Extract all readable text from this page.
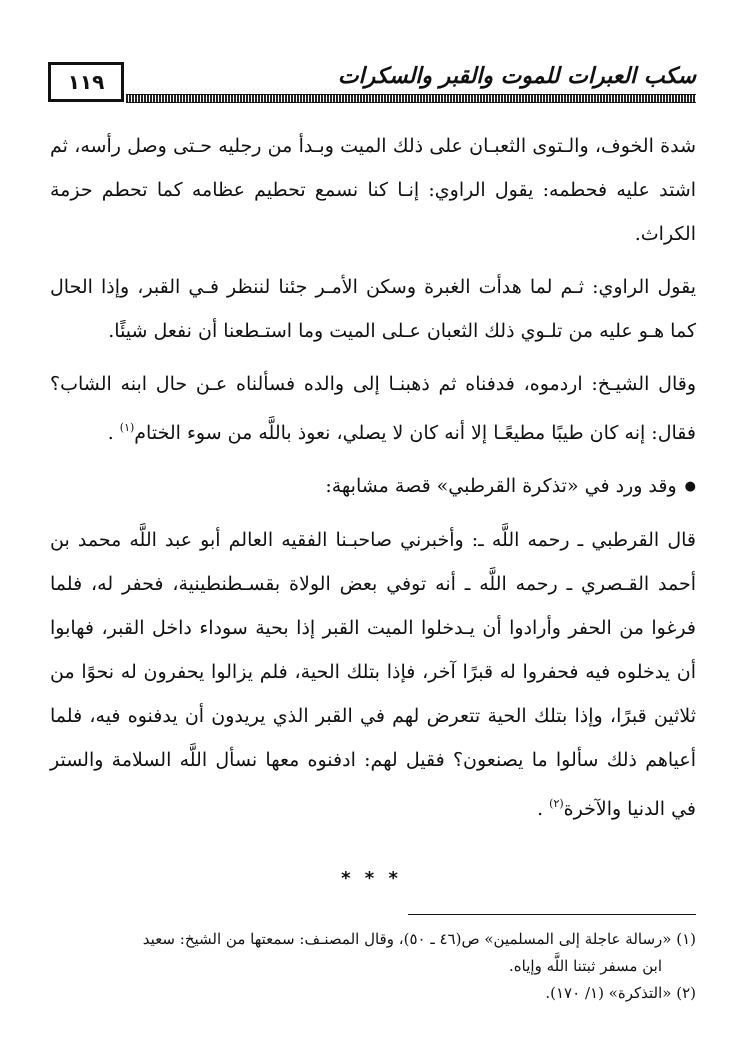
١١٩	سكب العبرات للموت والقبر والسكرات

شدة الخوف، والـتوى الثعبـان على ذلك الميت وبـدأ من رجليه حـتى وصل رأسه، ثم اشتد عليه فحطمه: يقول الراوي: إنـا كنا نسمع تحطيم عظامه كما تحطم حزمة الكراث.

يقول الراوي: ثـم لما هدأت الغبرة وسكن الأمـر جئنا لننظر فـي القبر، وإذا الحال كما هـو عليه من تلـوي ذلك الثعبان عـلى الميت وما استـطعنا أن نفعل شيئًا.

وقال الشيـخ: اردموه، فدفناه ثم ذهبنـا إلى والده فسألناه عـن حال ابنه الشاب؟ فقال: إنه كان طيبًا مطيعًـا إلا أنه كان لا يصلي، نعوذ باللَّه من سوء الختام$^{(١)}$ .

● وقد ورد في «تذكرة القرطبي» قصة مشابهة:

قال القرطبي ـ رحمه اللَّه ـ: وأخبرني صاحبـنا الفقيه العالم أبو عبد اللَّه محمد بن أحمد القـصري ـ رحمه اللَّه ـ أنه توفي بعض الولاة بقسـطنطينية، فحفر له، فلما فرغوا من الحفر وأرادوا أن يـدخلوا الميت القبر إذا بحية سوداء داخل القبر، فهابوا أن يدخلوه فيه فحفروا له قبرًا آخر، فإذا بتلك الحية، فلم يزالوا يحفرون له نحوًا من ثلاثين قبرًا، وإذا بتلك الحية تتعرض لهم في القبر الذي يريدون أن يدفنوه فيه، فلما أعياهم ذلك سألوا ما يصنعون؟ فقيل لهم: ادفنوه معها نسأل اللَّه السلامة والستر في الدنيا والآخرة$^{(٢)}$ .

* * *

(١) «رسالة عاجلة إلى المسلمين» ص(٤٦ ـ ٥٠)، وقال المصنـف: سمعتها من الشيخ: سعيد

ابن مسفر ثبتنا اللَّه وإياه.

(٢) «التذكرة» (١/ ١٧٠).
